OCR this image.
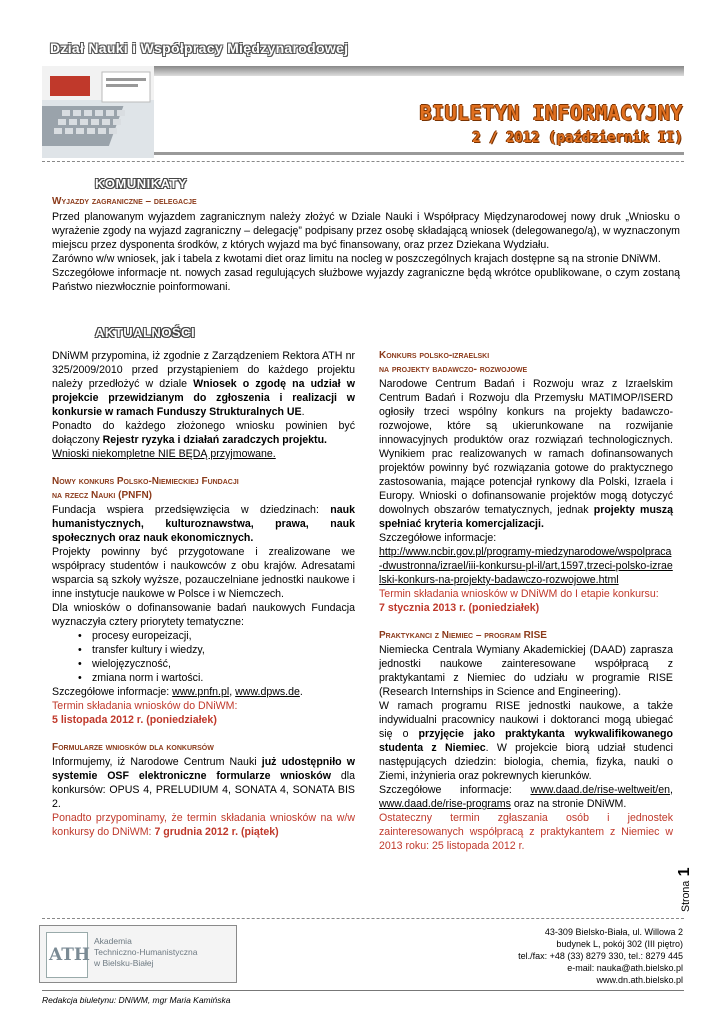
Dział Nauki i Współpracy Międzynarodowej
BIULETYN INFORMACYJNY
2 / 2012 (październik II)
KOMUNIKATY
Wyjazdy zagraniczne – delegacje
Przed planowanym wyjazdem zagranicznym należy złożyć w Dziale Nauki i Współpracy Międzynarodowej nowy druk „Wniosku o wyrażenie zgody na wyjazd zagraniczny – delegację” podpisany przez osobę składającą wniosek (delegowanego/ą), w wyznaczonym miejscu przez dysponenta środków, z których wyjazd ma być finansowany, oraz przez Dziekana Wydziału.
Zarówno w/w wniosek, jak i tabela z kwotami diet oraz limitu na nocleg w poszczególnych krajach dostępne są na stronie DNiWM.
Szczegółowe informacje nt. nowych zasad regulujących służbowe wyjazdy zagraniczne będą wkrótce opublikowane, o czym zostaną Państwo niezwłocznie poinformowani.
AKTUALNOŚCI
DNiWM przypomina, iż zgodnie z Zarządzeniem Rektora ATH nr 325/2009/2010 przed przystąpieniem do każdego projektu należy przedłożyć w dziale Wniosek o zgodę na udział w projekcie przewidzianym do zgłoszenia i realizacji w konkursie w ramach Funduszy Strukturalnych UE.
Ponadto do każdego złożonego wniosku powinien być dołączony Rejestr ryzyka i działań zaradczych projektu.
Wnioski niekompletne NIE BĘDĄ przyjmowane.
Nowy konkurs Polsko-Niemieckiej Fundacji
na rzecz Nauki (PNFN)
Fundacja wspiera przedsięwzięcia w dziedzinach: nauk humanistycznych, kulturoznawstwa, prawa, nauk społecznych oraz nauk ekonomicznych.
Projekty powinny być przygotowane i zrealizowane we współpracy studentów i naukowców z obu krajów. Adresatami wsparcia są szkoły wyższe, pozauczelniane jednostki naukowe i inne instytucje naukowe w Polsce i w Niemczech.
Dla wniosków o dofinansowanie badań naukowych Fundacja wyznaczyła cztery priorytety tematyczne:
• procesy europeizacji,
• transfer kultury i wiedzy,
• wielojęzyczność,
• zmiana norm i wartości.
Szczegółowe informacje: www.pnfn.pl, www.dpws.de.
Termin składania wniosków do DNiWM:
5 listopada 2012 r. (poniedziałek)
Formularze wniosków dla konkursów
Informujemy, iż Narodowe Centrum Nauki już udostępniło w systemie OSF elektroniczne formularze wniosków dla konkursów: OPUS 4, PRELUDIUM 4, SONATA 4, SONATA BIS 2.
Ponadto przypominamy, że termin składania wniosków na w/w konkursy do DNiWM: 7 grudnia 2012 r. (piątek)
Konkurs polsko-izraelski
na projekty badawczo- rozwojowe
Narodowe Centrum Badań i Rozwoju wraz z Izraelskim Centrum Badań i Rozwoju dla Przemysłu MATIMOP/ISERD ogłosiły trzeci wspólny konkurs na projekty badawczo-rozwojowe, które są ukierunkowane na rozwijanie innowacyjnych produktów oraz rozwiązań technologicznych. Wynikiem prac realizowanych w ramach dofinansowanych projektów powinny być rozwiązania gotowe do praktycznego zastosowania, mające potencjał rynkowy dla Polski, Izraela i Europy. Wnioski o dofinansowanie projektów mogą dotyczyć dowolnych obszarów tematycznych, jednak projekty muszą spełniać kryteria komercjalizacji.
Szczegółowe informacje:
http://www.ncbir.gov.pl/programy-miedzynarodowe/wspolpraca-dwustronna/izrael/iii-konkursu-pl-il/art,1597,trzeci-polsko-izraelski-konkurs-na-projekty-badawczo-rozwojowe.html
Termin składania wniosków w DNiWM do I etapie konkursu:
7 stycznia 2013 r. (poniedziałek)
Praktykanci z Niemiec – program RISE
Niemiecka Centrala Wymiany Akademickiej (DAAD) zaprasza jednostki naukowe zainteresowane współpracą z praktykantami z Niemiec do udziału w programie RISE (Research Internships in Science and Engineering).
W ramach programu RISE jednostki naukowe, a także indywidualni pracownicy naukowi i doktoranci mogą ubiegać się o przyjęcie jako praktykanta wykwalifikowanego studenta z Niemiec. W projekcie biorą udział studenci następujących dziedzin: biologia, chemia, fizyka, nauki o Ziemi, inżynieria oraz pokrewnych kierunków.
Szczegółowe informacje: www.daad.de/rise-weltweit/en, www.daad.de/rise-programs oraz na stronie DNiWM.
Ostateczny termin zgłaszania osób i jednostek zainteresowanych współpracą z praktykantem z Niemiec w 2013 roku: 25 listopada 2012 r.
Strona 1
ATH
Akademia
Techniczno-Humanistyczna
w Bielsku-Białej
43-309 Bielsko-Biała, ul. Willowa 2
budynek L, pokój 302 (III piętro)
tel./fax: +48 (33) 8279 330, tel.: 8279 445
e-mail: nauka@ath.bielsko.pl
www.dn.ath.bielsko.pl
Redakcja biuletynu: DNiWM, mgr Maria Kamińska
